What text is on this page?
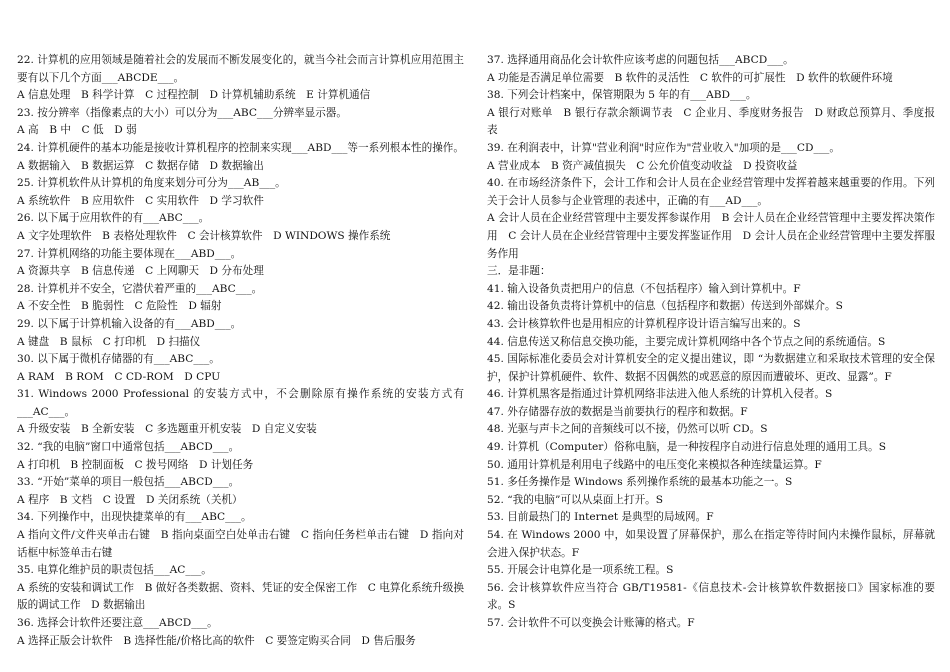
22. 计算机的应用领域是随着社会的发展而不断发展变化的，就当今社会而言计算机应用范围主要有以下几个方面___ABCDE___。

A 信息处理　B 科学计算　C 过程控制　D 计算机辅助系统　E 计算机通信

23. 按分辨率（指像素点的大小）可以分为___ABC___分辨率显示器。

A 高　B 中　C 低　D 弱

24. 计算机硬件的基本功能是接收计算机程序的控制来实现___ABD___等一系列根本性的操作。A 数据输入　B 数据运算　C 数据存储　D 数据输出

25. 计算机软件从计算机的角度来划分可分为___AB___。

A 系统软件　B 应用软件　C 实用软件　D 学习软件

26. 以下属于应用软件的有___ABC___。

A 文字处理软件　B 表格处理软件　C 会计核算软件　D WINDOWS 操作系统

27. 计算机网络的功能主要体现在___ABD___。

A 资源共享　B 信息传递　C 上网聊天　D 分布处理

28. 计算机并不安全，它潜伏着严重的___ABC___。

A 不安全性　B 脆弱性　C 危险性　D 辐射

29. 以下属于计算机输入设备的有___ABD___。

A 键盘　B 鼠标　C 打印机　D 扫描仪

30. 以下属于微机存储器的有___ABC___。

A RAM　B ROM　C CD-ROM　D CPU

31. Windows 2000 Professional 的安装方式中，不会删除原有操作系统的安装方式有___AC___。

A 升级安装　B 全新安装　C 多选题重开机安装　D 自定义安装

32. “我的电脑”窗口中通常包括___ABCD___。

A 打印机　B 控制面板　C 拨号网络　D 计划任务

33. “开始”菜单的项目一般包括___ABCD___。

A 程序　B 文档　C 设置　D 关闭系统（关机）

34. 下列操作中，出现快捷菜单的有___ABC___。

A 指向文件/文件夹单击右键　B 指向桌面空白处单击右键　C 指向任务栏单击右键　D 指向对话框中标签单击右键

35. 电算化维护员的职责包括___AC___。

A 系统的安装和调试工作　B 做好各类数据、资料、凭证的安全保密工作　C 电算化系统升级换版的调试工作　D 数据输出

36. 选择会计软件还要注意___ABCD___。

A 选择正版会计软件　B 选择性能/价格比高的软件　C 要签定购买合同　D 售后服务

37. 选择通用商品化会计软件应该考虑的问题包括___ABCD___。

A 功能是否满足单位需要　B 软件的灵活性　C 软件的可扩展性　D 软件的软硬件环境

38. 下列会计档案中，保管期限为 5 年的有___ABD___。

A 银行对账单　B 银行存款余额调节表　C 企业月、季度财务报告　D 财政总预算月、季度报表

39. 在利润表中，计算"营业利润"时应作为"营业收入"加项的是___CD___。

A 营业成本　B 资产减值损失　C 公允价值变动收益　D 投资收益

40. 在市场经济条件下，会计工作和会计人员在企业经营管理中发挥着越来越重要的作用。下列关于会计人员参与企业管理的表述中，正确的有___AD___。

A 会计人员在企业经营管理中主要发挥参谋作用　B 会计人员在企业经营管理中主要发挥决策作用　C 会计人员在企业经营管理中主要发挥鉴证作用　D 会计人员在企业经营管理中主要发挥服务作用

三．是非题：

41. 输入设备负责把用户的信息（不包括程序）输入到计算机中。F

42. 输出设备负责将计算机中的信息（包括程序和数据）传送到外部媒介。S

43. 会计核算软件也是用相应的计算机程序设计语言编写出来的。S

44. 信息传送又称信息交换功能，主要完成计算机网络中各个节点之间的系统通信。S

45. 国际标准化委员会对计算机安全的定义提出建议，即 “为数据建立和采取技术管理的安全保护，保护计算机硬件、软件、数据不因偶然的或恶意的原因而遭破坏、更改、显露”。F

46. 计算机黑客是指通过计算机网络非法进入他人系统的计算机入侵者。S

47. 外存储器存放的数据是当前要执行的程序和数据。F

48. 光驱与声卡之间的音频线可以不接，仍然可以听 CD。S

49. 计算机（Computer）俗称电脑，是一种按程序自动进行信息处理的通用工具。S

50. 通用计算机是利用电子线路中的电压变化来模拟各种连续量运算。F

51. 多任务操作是 Windows 系列操作系统的最基本功能之一。S

52. “我的电脑”可以从桌面上打开。S

53. 目前最热门的 Internet 是典型的局域网。F

54. 在 Windows 2000 中，如果设置了屏幕保护，那么在指定等待时间内未操作鼠标，屏幕就会进入保护状态。F

55. 开展会计电算化是一项系统工程。S

56. 会计核算软件应当符合 GB/T19581-《信息技术-会计核算软件数据接口》国家标准的要求。S

57. 会计软件不可以变换会计账簿的格式。F
